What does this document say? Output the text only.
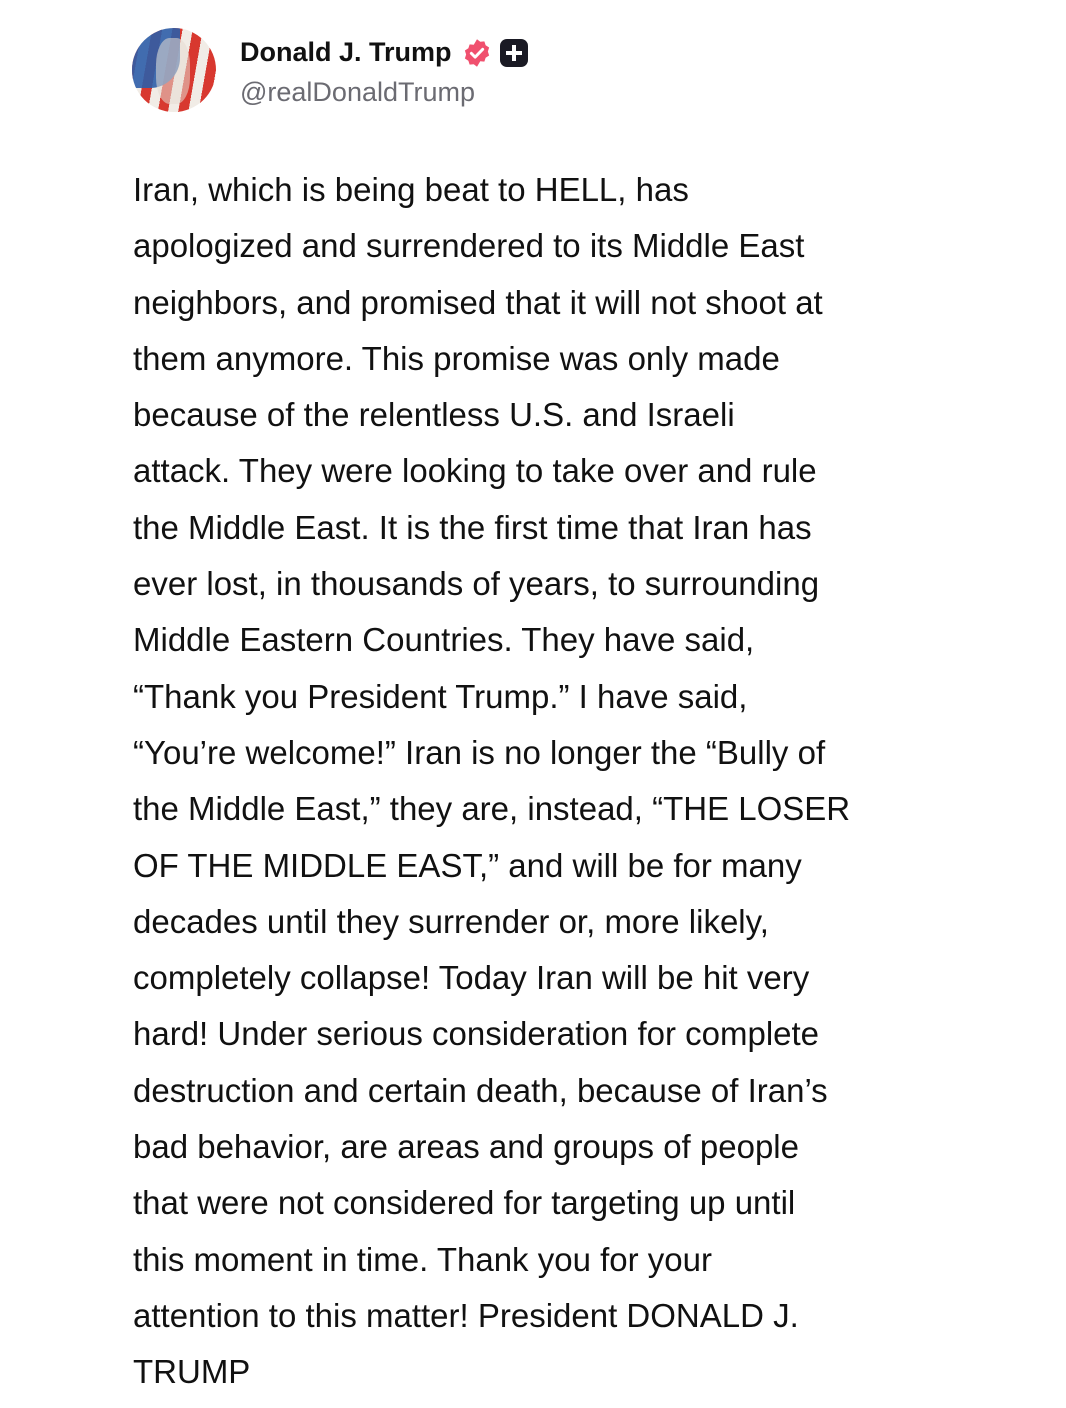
Donald J. Trump
@realDonaldTrump
Iran, which is being beat to HELL, has
apologized and surrendered to its Middle East
neighbors, and promised that it will not shoot at
them anymore. This promise was only made
because of the relentless U.S. and Israeli
attack. They were looking to take over and rule
the Middle East. It is the first time that Iran has
ever lost, in thousands of years, to surrounding
Middle Eastern Countries. They have said,
“Thank you President Trump.” I have said,
“You’re welcome!” Iran is no longer the “Bully of
the Middle East,” they are, instead, “THE LOSER
OF THE MIDDLE EAST,” and will be for many
decades until they surrender or, more likely,
completely collapse! Today Iran will be hit very
hard! Under serious consideration for complete
destruction and certain death, because of Iran’s
bad behavior, are areas and groups of people
that were not considered for targeting up until
this moment in time. Thank you for your
attention to this matter! President DONALD J.
TRUMP
